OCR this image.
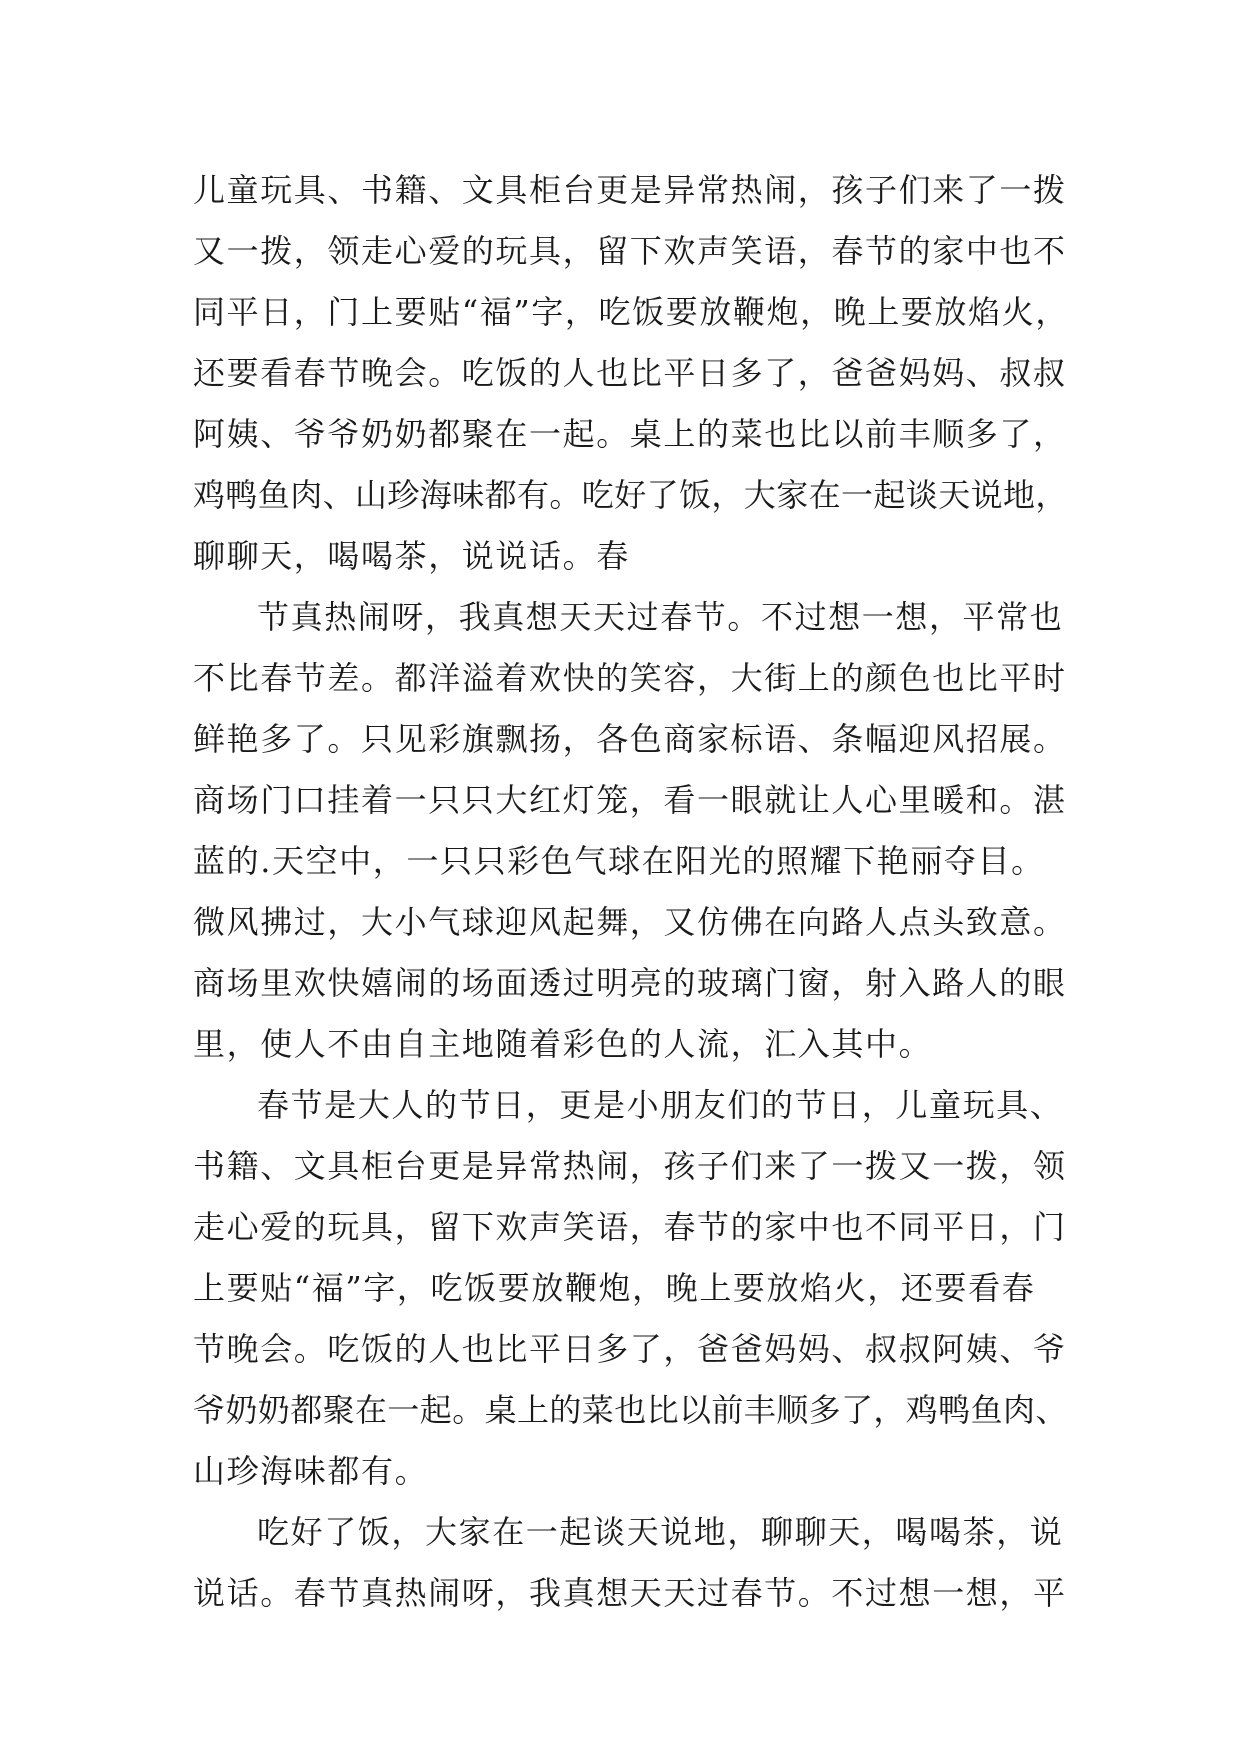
儿童玩具、书籍、文具柜台更是异常热闹，孩子们来了一拨
又一拨，领走心爱的玩具，留下欢声笑语，春节的家中也不
同平日，门上要贴“福”字，吃饭要放鞭炮，晚上要放焰火，
还要看春节晚会。吃饭的人也比平日多了，爸爸妈妈、叔叔
阿姨、爷爷奶奶都聚在一起。桌上的菜也比以前丰顺多了，
鸡鸭鱼肉、山珍海味都有。吃好了饭，大家在一起谈天说地，
聊聊天，喝喝茶，说说话。春
节真热闹呀，我真想天天过春节。不过想一想，平常也
不比春节差。都洋溢着欢快的笑容，大街上的颜色也比平时
鲜艳多了。只见彩旗飘扬，各色商家标语、条幅迎风招展。
商场门口挂着一只只大红灯笼，看一眼就让人心里暖和。湛
蓝的.天空中，一只只彩色气球在阳光的照耀下艳丽夺目。
微风拂过，大小气球迎风起舞，又仿佛在向路人点头致意。
商场里欢快嬉闹的场面透过明亮的玻璃门窗，射入路人的眼
里，使人不由自主地随着彩色的人流，汇入其中。
春节是大人的节日，更是小朋友们的节日，儿童玩具、
书籍、文具柜台更是异常热闹，孩子们来了一拨又一拨，领
走心爱的玩具，留下欢声笑语，春节的家中也不同平日，门
上要贴“福”字，吃饭要放鞭炮，晚上要放焰火，还要看春
节晚会。吃饭的人也比平日多了，爸爸妈妈、叔叔阿姨、爷
爷奶奶都聚在一起。桌上的菜也比以前丰顺多了，鸡鸭鱼肉、
山珍海味都有。
吃好了饭，大家在一起谈天说地，聊聊天，喝喝茶，说
说话。春节真热闹呀，我真想天天过春节。不过想一想，平
